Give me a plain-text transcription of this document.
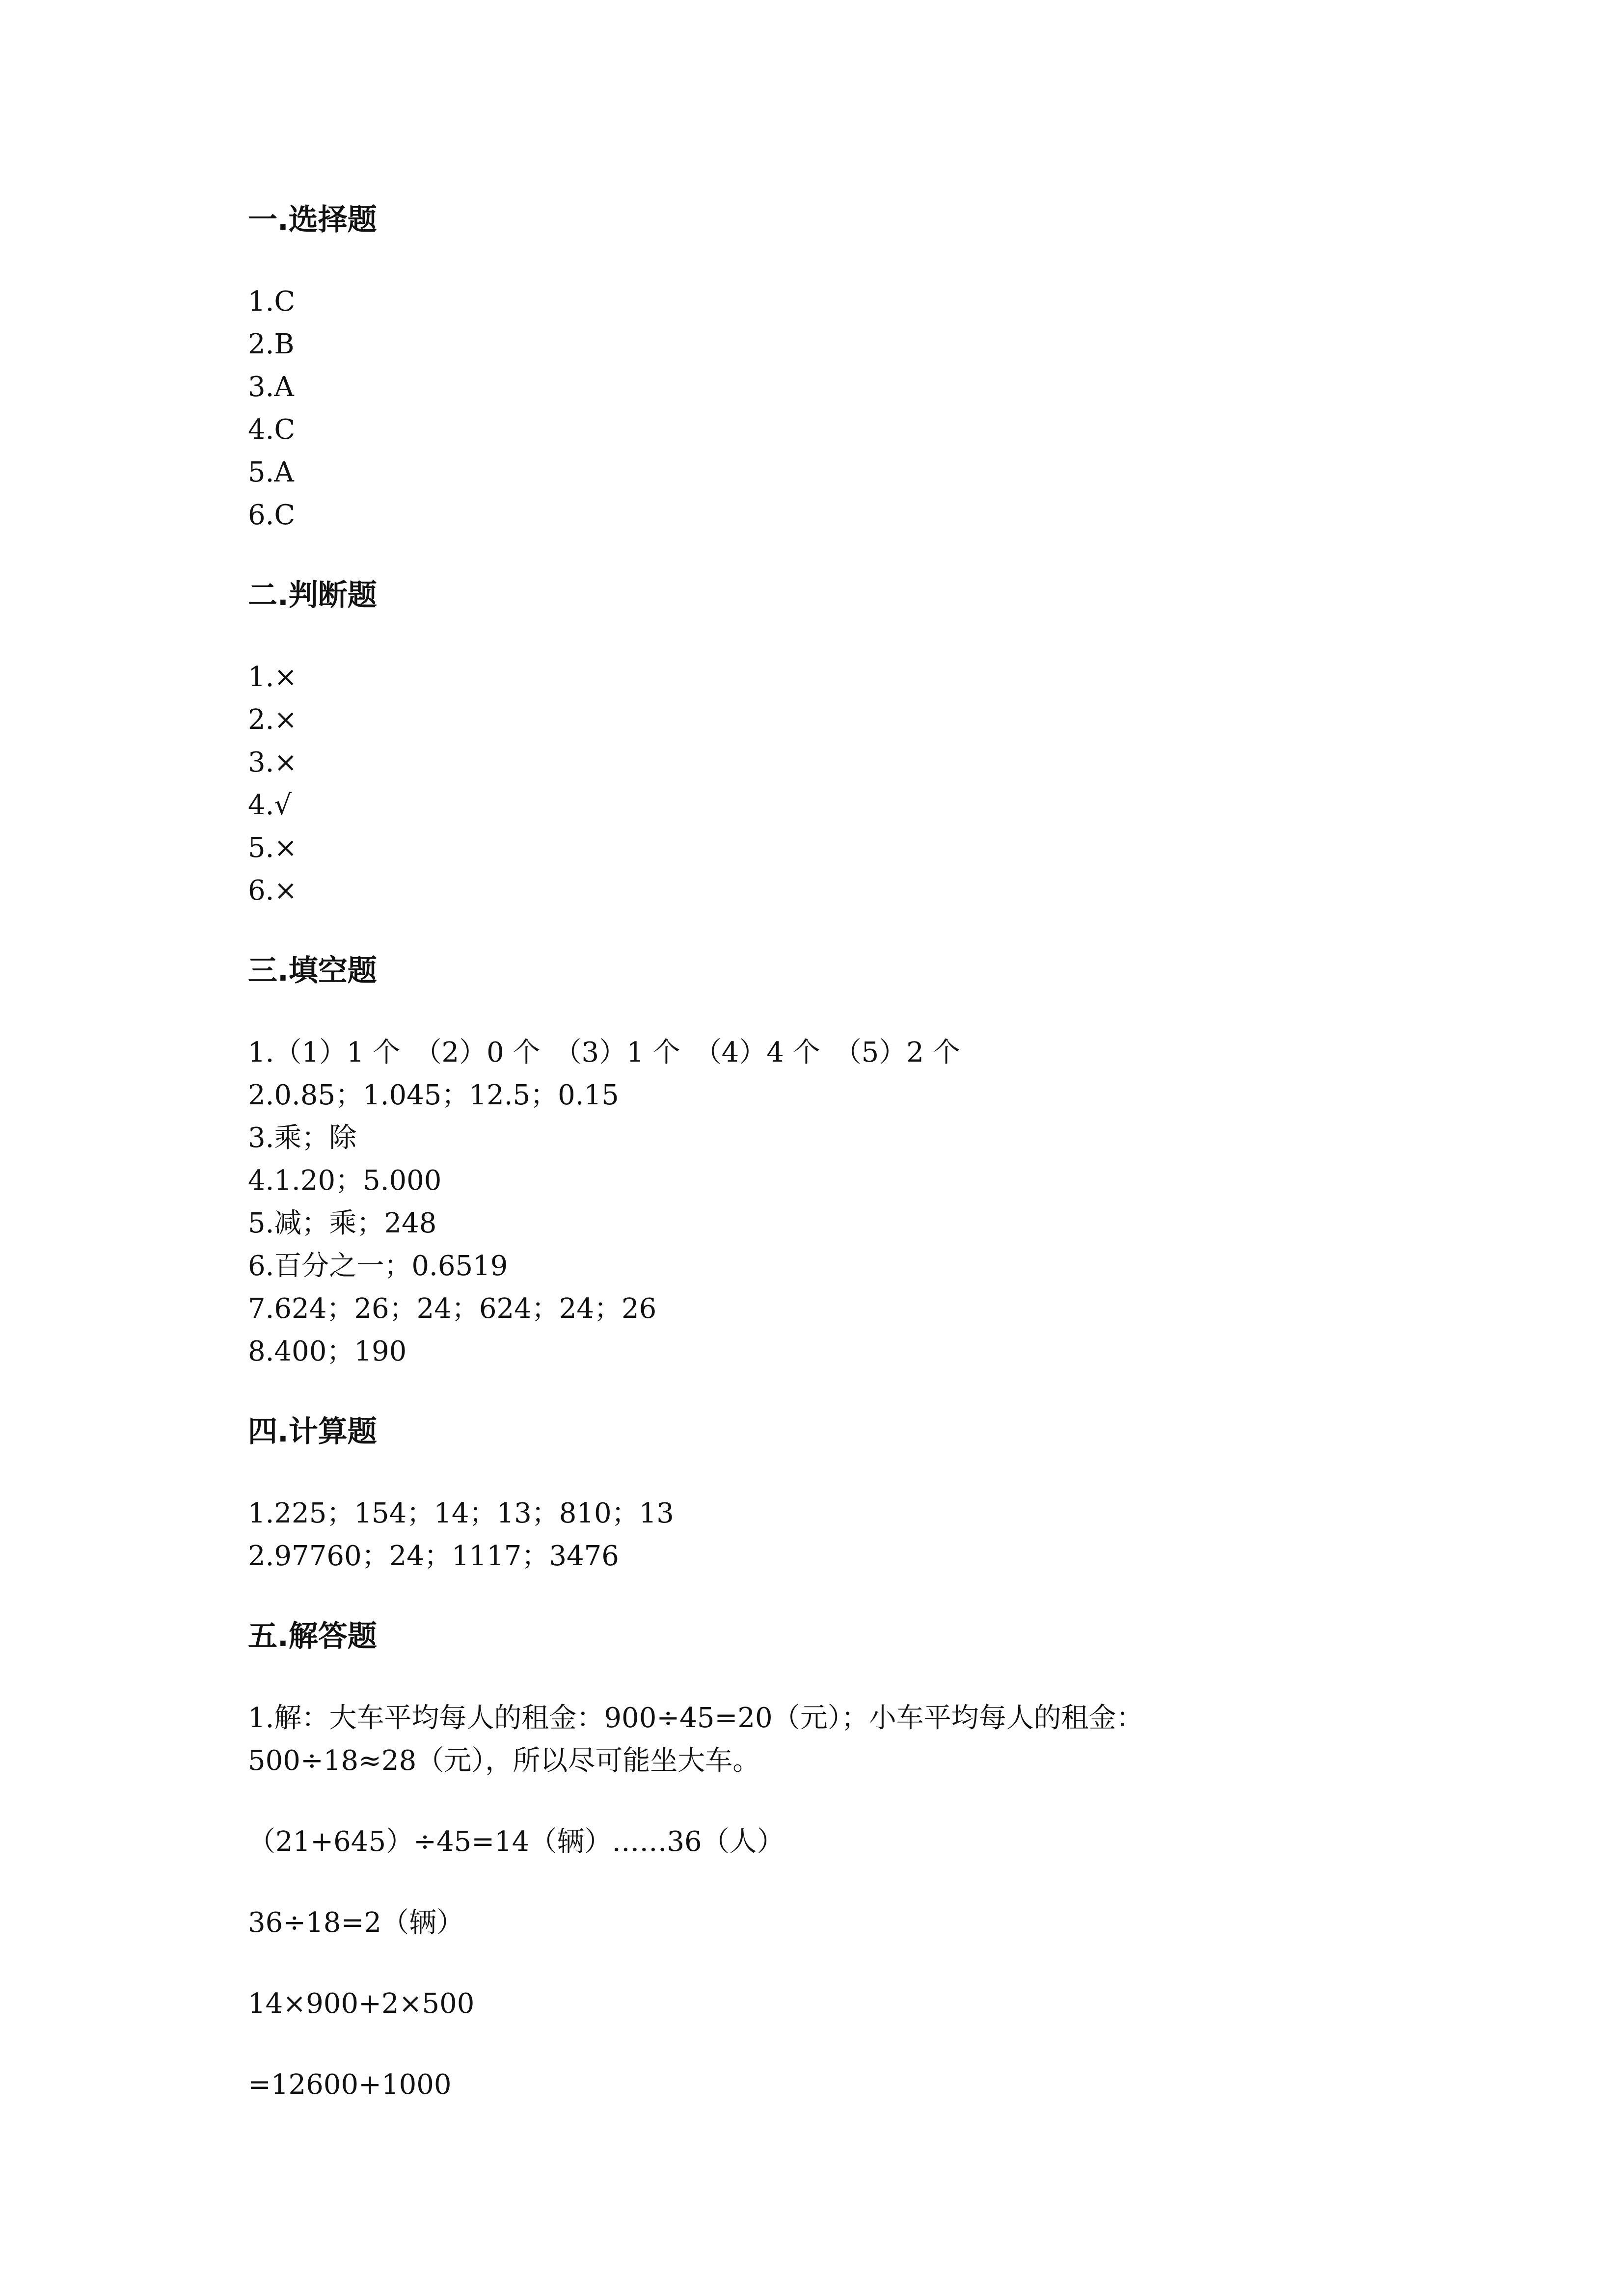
一.选择题
1.C
2.B
3.A
4.C
5.A
6.C
二.判断题
1.×
2.×
3.×
4.√
5.×
6.×
三.填空题
1.（1）1 个　（2）0 个　（3）1 个　（4）4 个　（5）2 个
2.0.85；1.045；12.5；0.15
3.乘；除
4.1.20；5.000
5.减；乘；248
6.百分之一；0.6519
7.624；26；24；624；24；26
8.400；190
四.计算题
1.225；154；14；13；810；13
2.97760；24；1117；3476
五.解答题
1.解：大车平均每人的租金：900÷45=20（元）；小车平均每人的租金：
500÷18≈28（元），所以尽可能坐大车。
（21+645）÷45=14（辆）……36（人）
36÷18=2（辆）
14×900+2×500
=12600+1000
